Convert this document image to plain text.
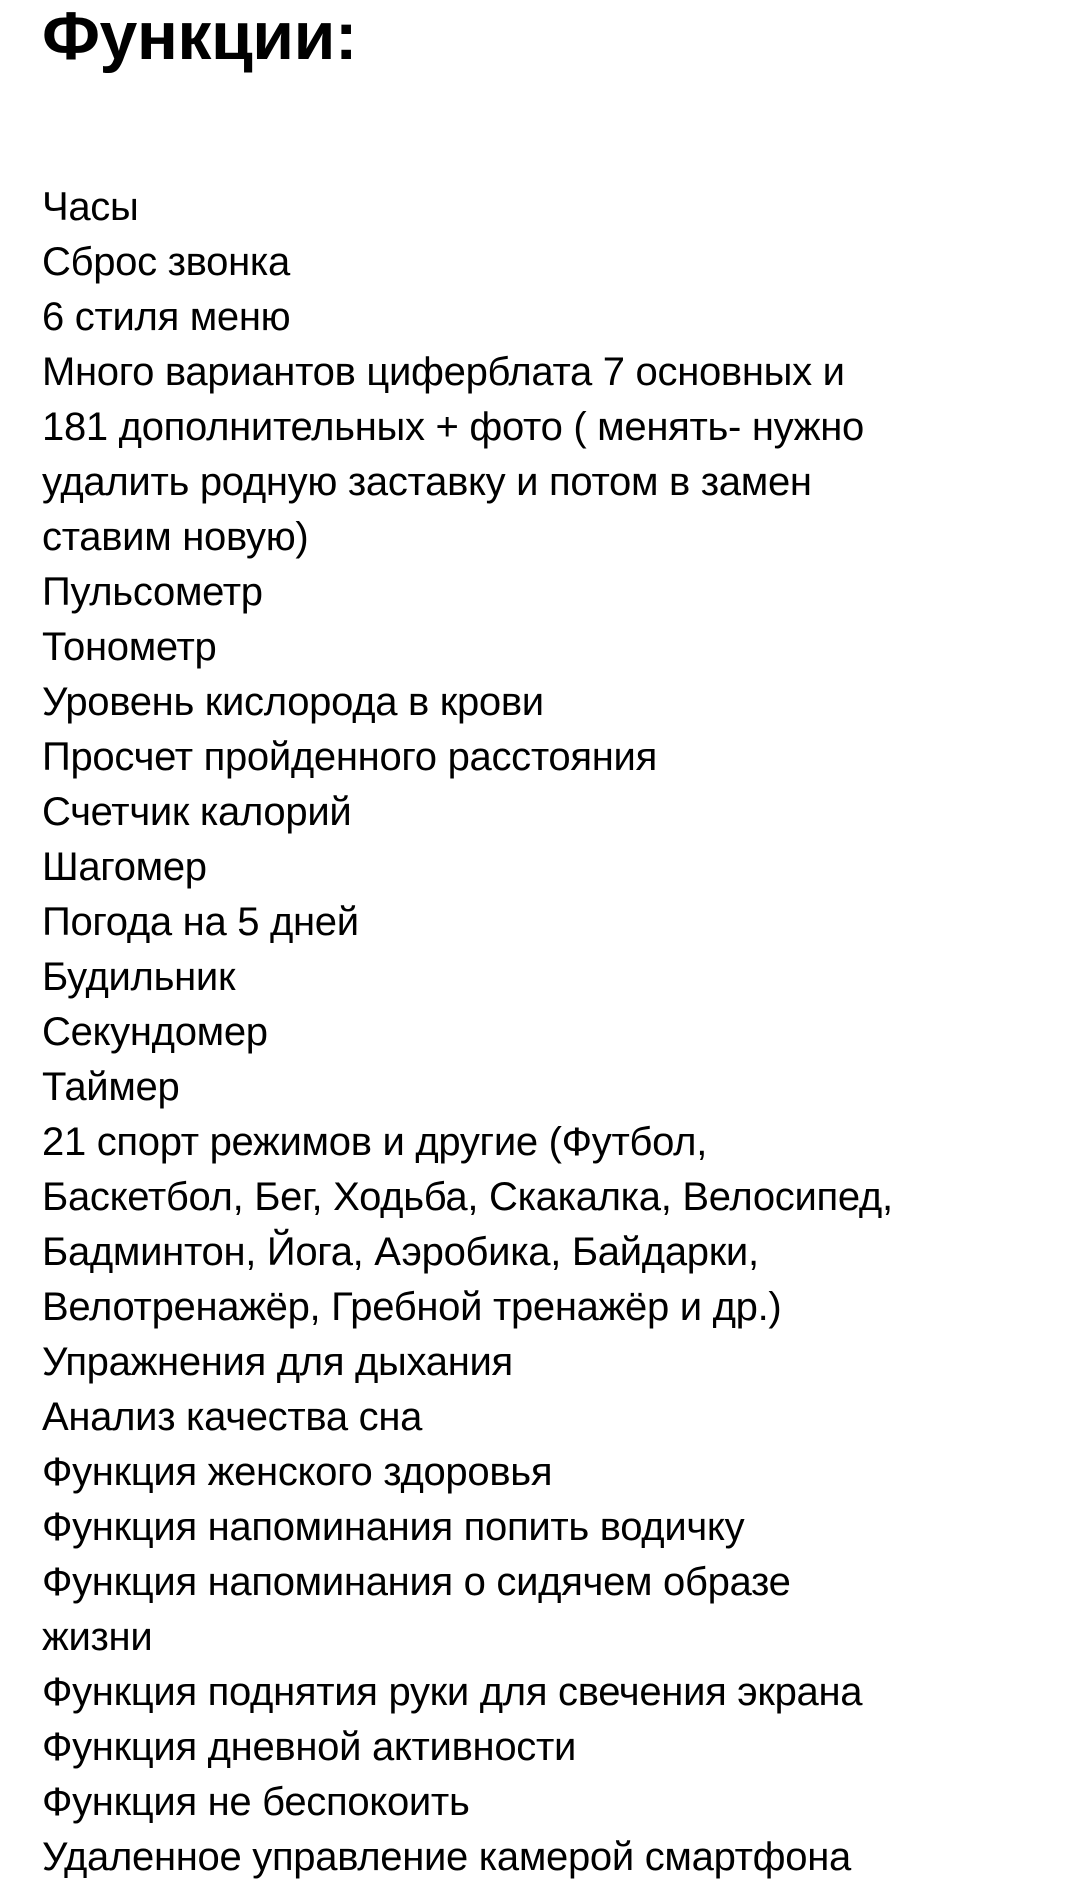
Функции:
Часы
Сброс звонка
6 стиля меню
Много вариантов циферблата 7 основных и
181 дополнительных + фото ( менять- нужно
удалить родную заставку и потом в замен
ставим новую)
Пульсометр
Тонометр
Уровень кислорода в крови
Просчет пройденного расстояния
Счетчик калорий
Шагомер
Погода на 5 дней
Будильник
Секундомер
Таймер
21 спорт режимов и другие (Футбол,
Баскетбол, Бег, Ходьба, Скакалка, Велосипед,
Бадминтон, Йога, Аэробика, Байдарки,
Велотренажёр, Гребной тренажёр и др.)
Упражнения для дыхания
Анализ качества сна
Функция женского здоровья
Функция напоминания попить водичку
Функция напоминания о сидячем образе
жизни
Функция поднятия руки для свечения экрана
Функция дневной активности
Функция не беспокоить
Удаленное управление камерой смартфона
